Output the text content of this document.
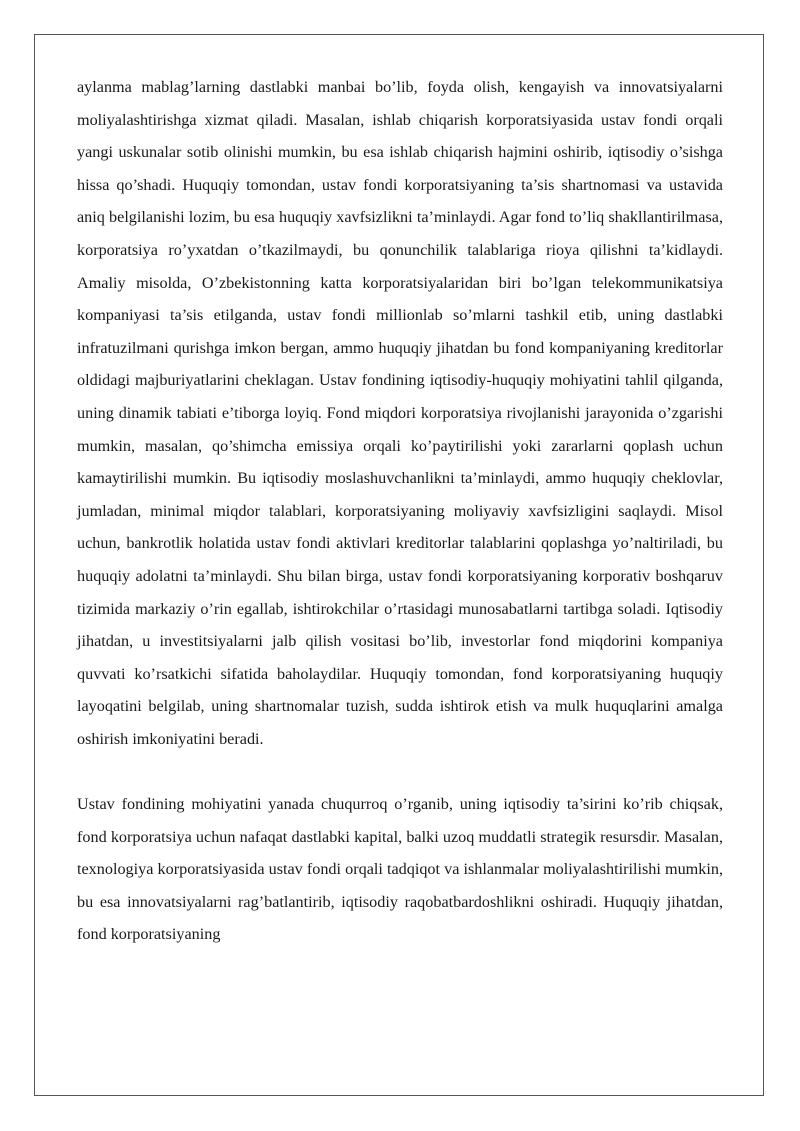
aylanma mablag’larning dastlabki manbai bo’lib, foyda olish, kengayish va innovatsiyalarni moliyalashtirishga xizmat qiladi. Masalan, ishlab chiqarish korporatsiyasida ustav fondi orqali yangi uskunalar sotib olinishi mumkin, bu esa ishlab chiqarish hajmini oshirib, iqtisodiy o’sishga hissa qo’shadi. Huquqiy tomondan, ustav fondi korporatsiyaning ta’sis shartnomasi va ustavida aniq belgilanishi lozim, bu esa huquqiy xavfsizlikni ta’minlaydi. Agar fond to’liq shakllantirilmasa, korporatsiya ro’yxatdan o’tkazilmaydi, bu qonunchilik talablariga rioya qilishni ta’kidlaydi. Amaliy misolda, O’zbekistonning katta korporatsiyalaridan biri bo’lgan telekommunikatsiya kompaniyasi ta’sis etilganda, ustav fondi millionlab so’mlarni tashkil etib, uning dastlabki infratuzilmani qurishga imkon bergan, ammo huquqiy jihatdan bu fond kompaniyaning kreditorlar oldidagi majburiyatlarini cheklagan. Ustav fondining iqtisodiy-huquqiy mohiyatini tahlil qilganda, uning dinamik tabiati e’tiborga loyiq. Fond miqdori korporatsiya rivojlanishi jarayonida o’zgarishi mumkin, masalan, qo’shimcha emissiya orqali ko’paytirilishi yoki zararlarni qoplash uchun kamaytirilishi mumkin. Bu iqtisodiy moslashuvchanlikni ta’minlaydi, ammo huquqiy cheklovlar, jumladan, minimal miqdor talablari, korporatsiyaning moliyaviy xavfsizligini saqlaydi. Misol uchun, bankrotlik holatida ustav fondi aktivlari kreditorlar talablarini qoplashga yo’naltiriladi, bu huquqiy adolatni ta’minlaydi. Shu bilan birga, ustav fondi korporatsiyaning korporativ boshqaruv tizimida markaziy o’rin egallab, ishtirokchilar o’rtasidagi munosabatlarni tartibga soladi. Iqtisodiy jihatdan, u investitsiyalarni jalb qilish vositasi bo’lib, investorlar fond miqdorini kompaniya quvvati ko’rsatkichi sifatida baholaydilar. Huquqiy tomondan, fond korporatsiyaning huquqiy layoqatini belgilab, uning shartnomalar tuzish, sudda ishtirok etish va mulk huquqlarini amalga oshirish imkoniyatini beradi.

Ustav fondining mohiyatini yanada chuqurroq o’rganib, uning iqtisodiy ta’sirini ko’rib chiqsak, fond korporatsiya uchun nafaqat dastlabki kapital, balki uzoq muddatli strategik resursdir. Masalan, texnologiya korporatsiyasida ustav fondi orqali tadqiqot va ishlanmalar moliyalashtirilishi mumkin, bu esa innovatsiyalarni rag’batlantirib, iqtisodiy raqobatbardoshlikni oshiradi. Huquqiy jihatdan, fond korporatsiyaning
